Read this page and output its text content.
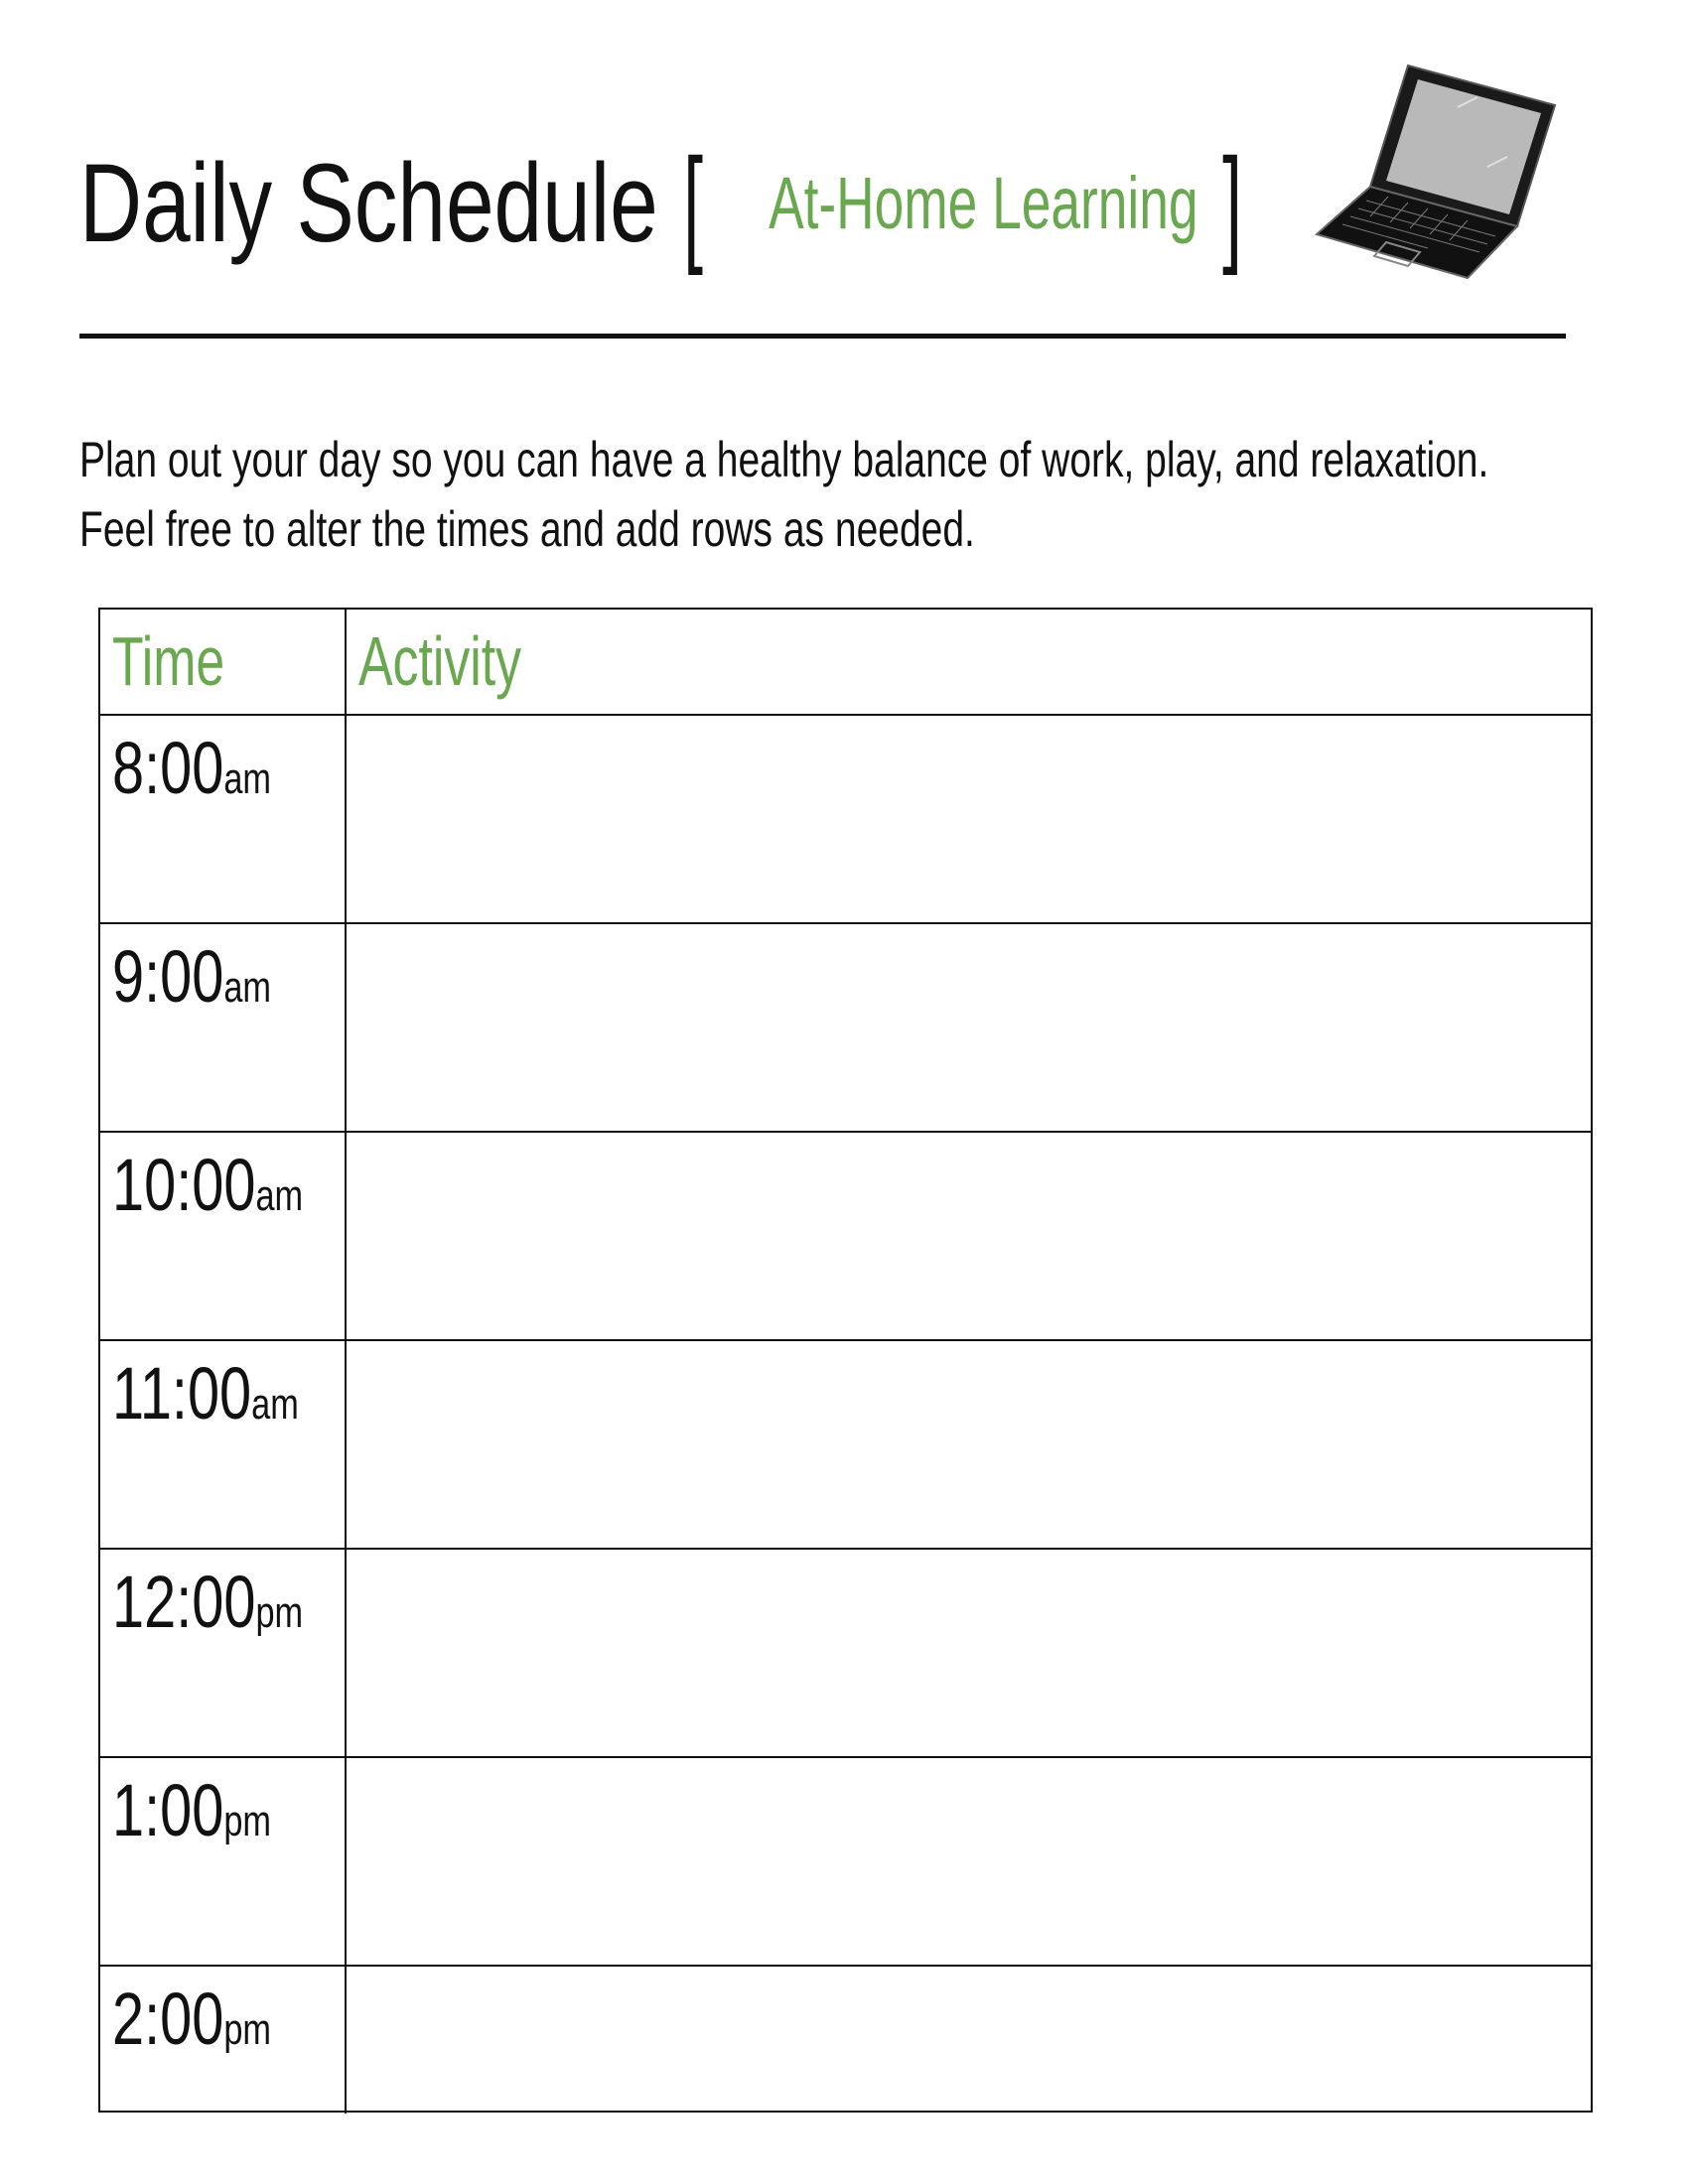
Daily Schedule [ At-Home Learning ]
Plan out your day so you can have a healthy balance of work, play, and relaxation.
Feel free to alter the times and add rows as needed.
Time	Activity
8:00am
9:00am
10:00am
11:00am
12:00pm
1:00pm
2:00pm
